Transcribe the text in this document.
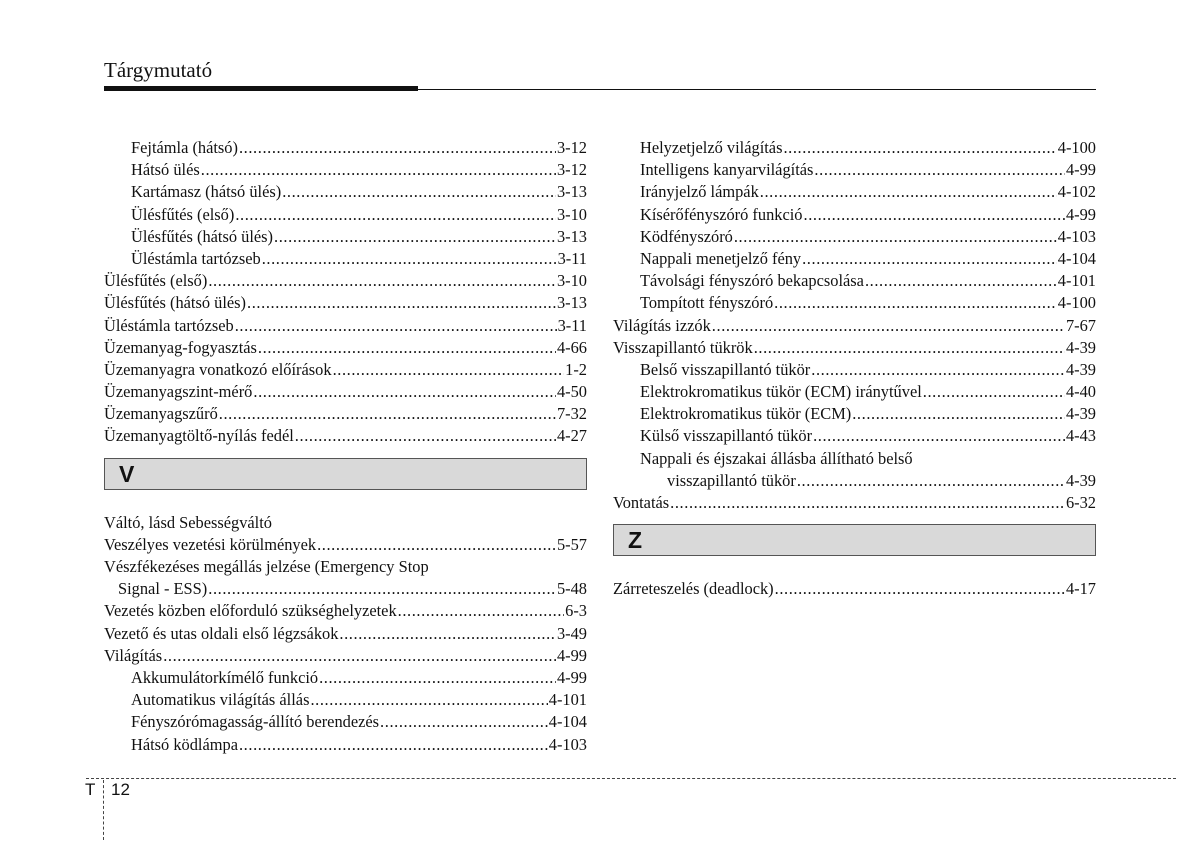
Tárgymutató
Fejtámla (hátsó) .....	3-12
Hátsó ülés .....	3-12
Kartámasz (hátsó ülés) .....	3-13
Ülésfűtés (első) .....	3-10
Ülésfűtés (hátsó ülés) .....	3-13
Üléstámla tartózseb .....	3-11
Ülésfűtés (első) .....	3-10
Ülésfűtés (hátsó ülés) .....	3-13
Üléstámla tartózseb .....	3-11
Üzemanyag-fogyasztás .....	4-66
Üzemanyagra vonatkozó előírások .....	1-2
Üzemanyagszint-mérő .....	4-50
Üzemanyagszűrő .....	7-32
Üzemanyagtöltő-nyílás fedél .....	4-27
V
Váltó, lásd Sebességváltó
Veszélyes vezetési körülmények .....	5-57
Vészfékezéses megállás jelzése (Emergency Stop
Signal - ESS) .....	5-48
Vezetés közben előforduló szükséghelyzetek .....	6-3
Vezető és utas oldali első légzsákok .....	3-49
Világítás .....	4-99
Akkumulátorkímélő funkció .....	4-99
Automatikus világítás állás .....	4-101
Fényszórómagasság-állító berendezés .....	4-104
Hátsó ködlámpa .....	4-103
Helyzetjelző világítás .....	4-100
Intelligens kanyarvilágítás .....	4-99
Irányjelző lámpák .....	4-102
Kísérőfényszóró funkció .....	4-99
Ködfényszóró .....	4-103
Nappali menetjelző fény .....	4-104
Távolsági fényszóró bekapcsolása .....	4-101
Tompított fényszóró .....	4-100
Világítás izzók .....	7-67
Visszapillantó tükrök .....	4-39
Belső visszapillantó tükör .....	4-39
Elektrokromatikus tükör (ECM) iránytűvel .....	4-40
Elektrokromatikus tükör (ECM) .....	4-39
Külső visszapillantó tükör .....	4-43
Nappali és éjszakai állásba állítható belső
visszapillantó tükör .....	4-39
Vontatás .....	6-32
Z
Zárreteszelés (deadlock) .....	4-17
T 12
